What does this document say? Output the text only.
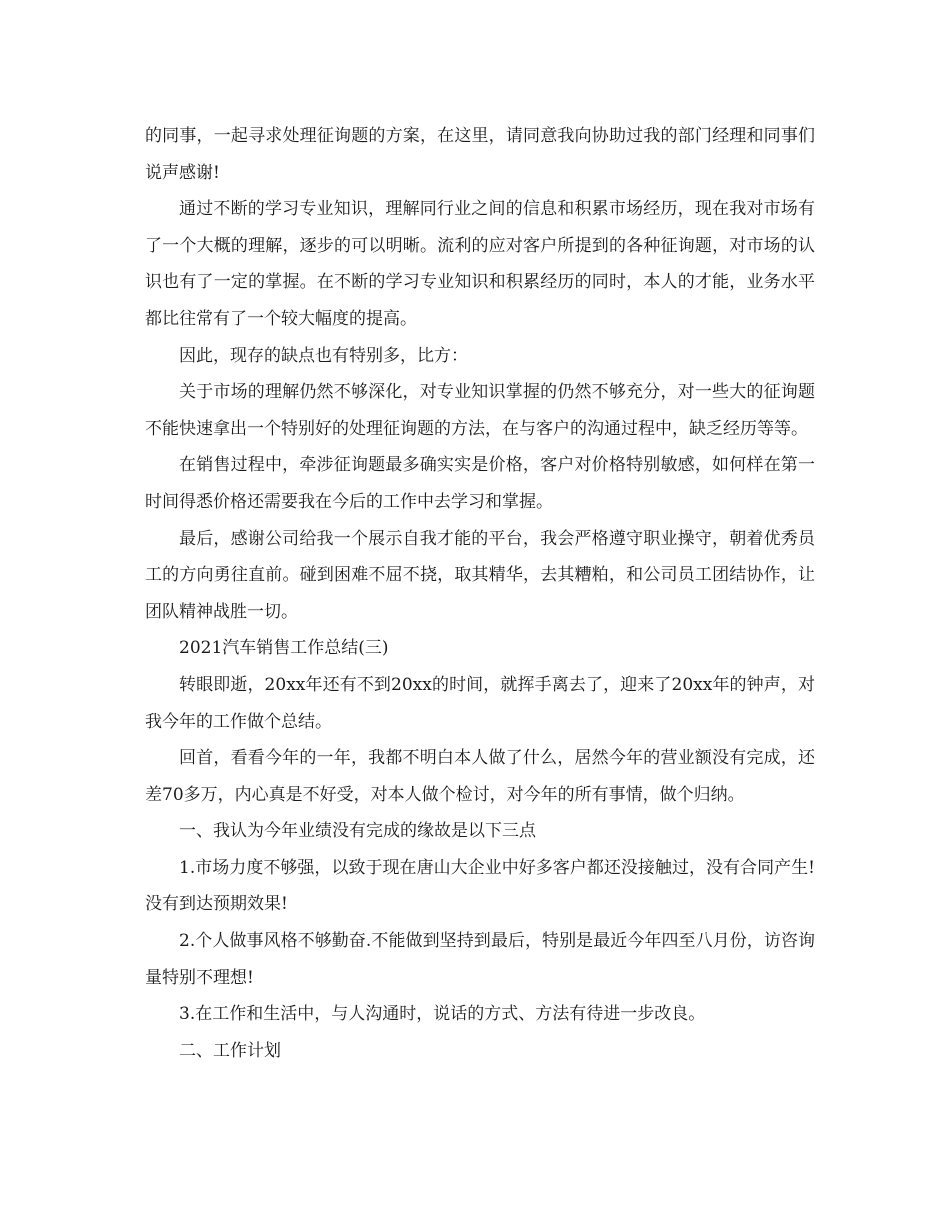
的同事，一起寻求处理征询题的方案，在这里，请同意我向协助过我的部门经理和同事们说声感谢!

通过不断的学习专业知识，理解同行业之间的信息和积累市场经历，现在我对市场有了一个大概的理解，逐步的可以明晰。流利的应对客户所提到的各种征询题，对市场的认识也有了一定的掌握。在不断的学习专业知识和积累经历的同时，本人的才能，业务水平都比往常有了一个较大幅度的提高。

因此，现存的缺点也有特别多，比方：

关于市场的理解仍然不够深化，对专业知识掌握的仍然不够充分，对一些大的征询题不能快速拿出一个特别好的处理征询题的方法，在与客户的沟通过程中，缺乏经历等等。

在销售过程中，牵涉征询题最多确实实是价格，客户对价格特别敏感，如何样在第一时间得悉价格还需要我在今后的工作中去学习和掌握。

最后，感谢公司给我一个展示自我才能的平台，我会严格遵守职业操守，朝着优秀员工的方向勇往直前。碰到困难不屈不挠，取其精华，去其糟粕，和公司员工团结协作，让团队精神战胜一切。

2021汽车销售工作总结(三)

转眼即逝，20xx年还有不到20xx的时间，就挥手离去了，迎来了20xx年的钟声，对我今年的工作做个总结。

回首，看看今年的一年，我都不明白本人做了什么，居然今年的营业额没有完成，还差70多万，内心真是不好受，对本人做个检讨，对今年的所有事情，做个归纳。

一、我认为今年业绩没有完成的缘故是以下三点

1.市场力度不够强，以致于现在唐山大企业中好多客户都还没接触过，没有合同产生!没有到达预期效果!

2.个人做事风格不够勤奋.不能做到坚持到最后，特别是最近今年四至八月份，访咨询量特别不理想!

3.在工作和生活中，与人沟通时，说话的方式、方法有待进一步改良。

二、工作计划
